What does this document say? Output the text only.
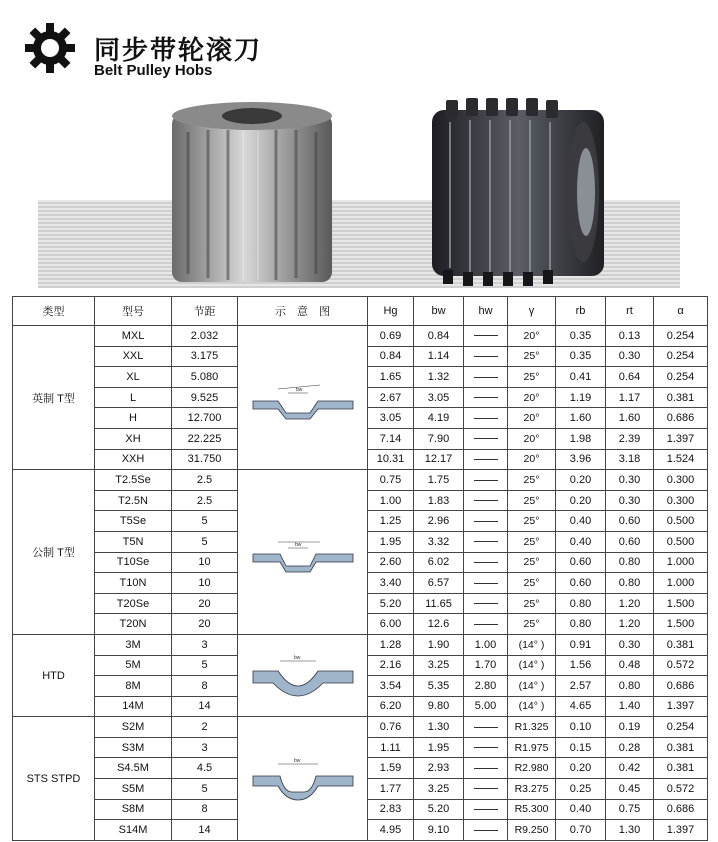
同步带轮滚刀
Belt Pulley Hobs
类型	型号	节距	示　意　图	Hg	bw	hw	γ	rb	rt	α
英制 T型	MXL	2.032	bw	0.69	0.84		20°	0.35	0.13	0.254
	XXL	3.175		0.84	1.14		25°	0.35	0.30	0.254
	XL	5.080		1.65	1.32		25°	0.41	0.64	0.254
	L	9.525		2.67	3.05		20°	1.19	1.17	0.381
	H	12.700		3.05	4.19		20°	1.60	1.60	0.686
	XH	22.225		7.14	7.90		20°	1.98	2.39	1.397
	XXH	31.750		10.31	12.17		20°	3.96	3.18	1.524
公制 T型	T2.5Se	2.5	bw	0.75	1.75		25°	0.20	0.30	0.300
	T2.5N	2.5		1.00	1.83		25°	0.20	0.30	0.300
	T5Se	5		1.25	2.96		25°	0.40	0.60	0.500
	T5N	5		1.95	3.32		25°	0.40	0.60	0.500
	T10Se	10		2.60	6.02		25°	0.60	0.80	1.000
	T10N	10		3.40	6.57		25°	0.60	0.80	1.000
	T20Se	20		5.20	11.65		25°	0.80	1.20	1.500
	T20N	20		6.00	12.6		25°	0.80	1.20	1.500
HTD	3M	3	bw	1.28	1.90	1.00	(14° )	0.91	0.30	0.381
	5M	5		2.16	3.25	1.70	(14° )	1.56	0.48	0.572
	8M	8		3.54	5.35	2.80	(14° )	2.57	0.80	0.686
	14M	14		6.20	9.80	5.00	(14° )	4.65	1.40	1.397
STS STPD	S2M	2	bw	0.76	1.30		R1.325	0.10	0.19	0.254
	S3M	3		1.11	1.95		R1.975	0.15	0.28	0.381
	S4.5M	4.5		1.59	2.93		R2.980	0.20	0.42	0.381
	S5M	5		1.77	3.25		R3.275	0.25	0.45	0.572
	S8M	8		2.83	5.20		R5.300	0.40	0.75	0.686
	S14M	14		4.95	9.10		R9.250	0.70	1.30	1.397
